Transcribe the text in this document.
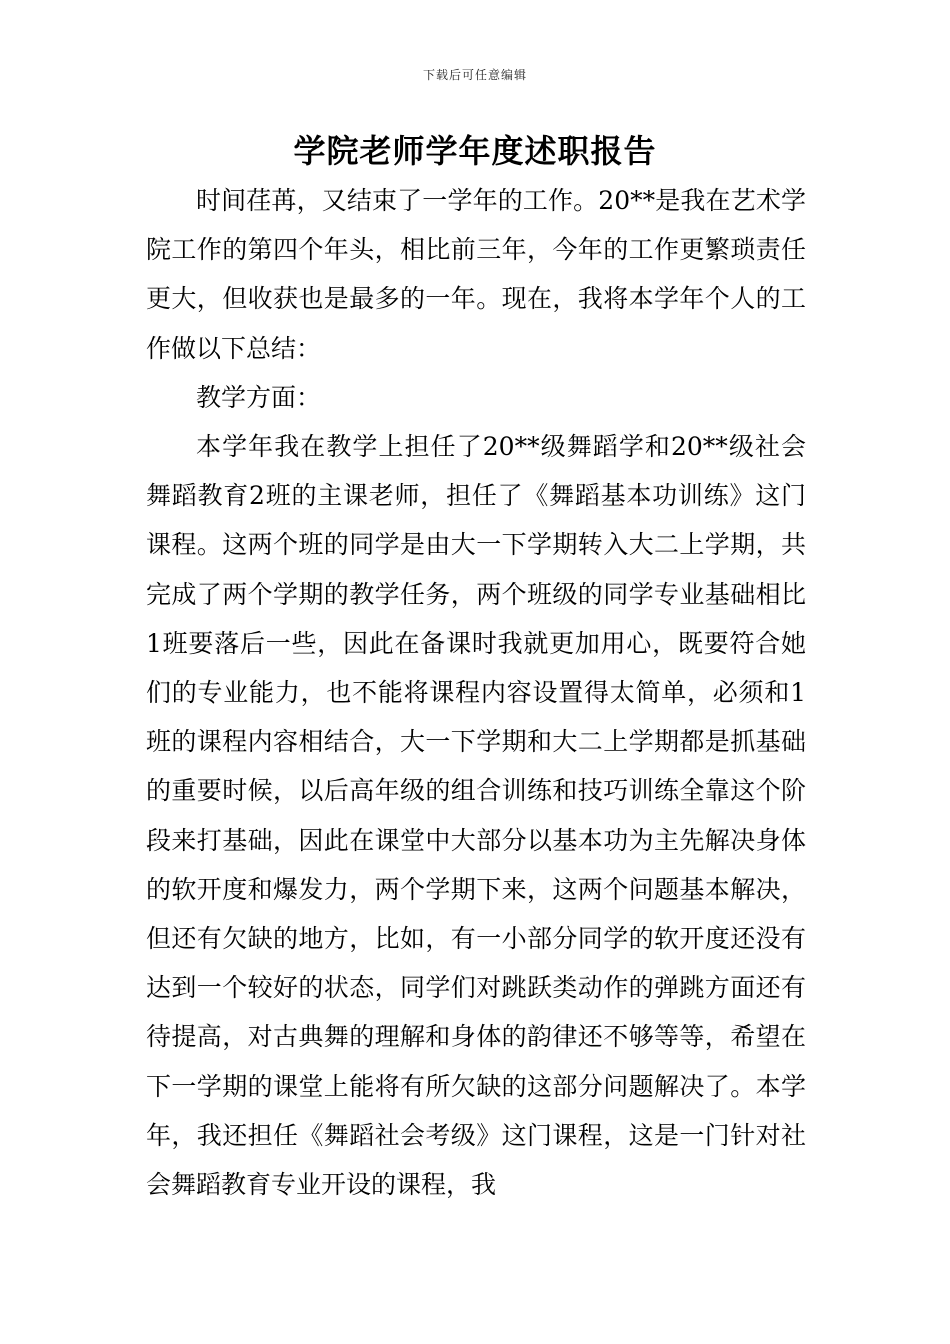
下载后可任意编辑
学院老师学年度述职报告

时间荏苒，又结束了一学年的工作。20**是我在艺术学院工作的第四个年头，相比前三年，今年的工作更繁琐责任更大，但收获也是最多的一年。现在，我将本学年个人的工作做以下总结：

教学方面：

本学年我在教学上担任了20**级舞蹈学和20**级社会舞蹈教育2班的主课老师，担任了《舞蹈基本功训练》这门课程。这两个班的同学是由大一下学期转入大二上学期，共完成了两个学期的教学任务，两个班级的同学专业基础相比1班要落后一些，因此在备课时我就更加用心，既要符合她们的专业能力，也不能将课程内容设置得太简单，必须和1班的课程内容相结合，大一下学期和大二上学期都是抓基础的重要时候，以后高年级的组合训练和技巧训练全靠这个阶段来打基础，因此在课堂中大部分以基本功为主先解决身体的软开度和爆发力，两个学期下来，这两个问题基本解决，但还有欠缺的地方，比如，有一小部分同学的软开度还没有达到一个较好的状态，同学们对跳跃类动作的弹跳方面还有待提高，对古典舞的理解和身体的韵律还不够等等，希望在下一学期的课堂上能将有所欠缺的这部分问题解决了。本学年，我还担任《舞蹈社会考级》这门课程，这是一门针对社会舞蹈教育专业开设的课程，我
